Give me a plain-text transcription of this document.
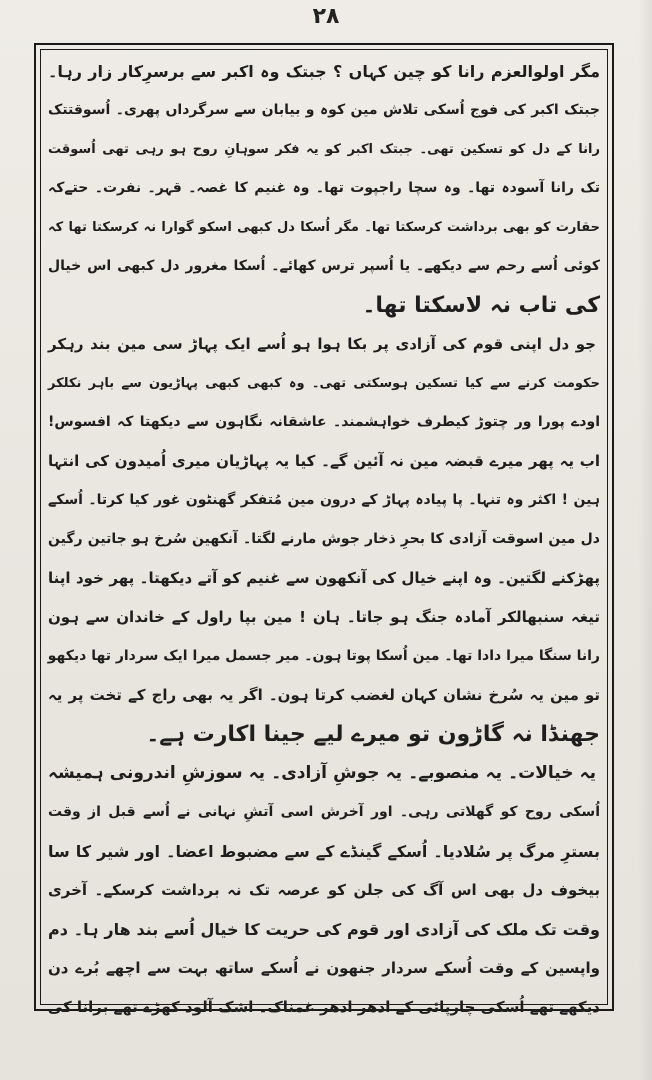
۲۸
مگر اولوالعزم رانا کو چین کہاں ؟ جبتک وہ اکبر سے برسرِکار زار رہا۔
جبتک اکبر کی فوج اُسکی تلاش مین کوہ و بیابان سے سرگرداں پھری۔ اُسوقتتک
رانا کے دل کو تسکین تھی۔ جبتک اکبر کو یہ فکر سوہانِ روح ہو رہی تھی اُسوقت
تک رانا آسودہ تھا۔ وہ سچا راجپوت تھا۔ وہ غنیم کا غصہ۔ قہر۔ نفرت۔ حتےکہ
حقارت کو بھی برداشت کرسکتا تھا۔ مگر اُسکا دل کبھی اسکو گوارا نہ کرسکتا تھا کہ
کوئی اُسے رحم سے دیکھے۔ یا اُسپر ترس کھائے۔ اُسکا مغرور دل کبھی اس خیال
کی تاب نہ لاسکتا تھا۔
جو دل اپنی قوم کی آزادی پر بکا ہوا ہو اُسے ایک پہاڑ سی مین بند رہکر
حکومت کرنے سے کیا تسکین ہوسکتی تھی۔ وہ کبھی کبھی پہاڑیون سے باہر نکلکر
اودے پورا ور چتوڑ کیطرف خواہشمند۔ عاشقانہ نگاہون سے دیکھتا کہ افسوس!
اب یہ پھر میرے قبضہ مین نہ آئین گے۔ کیا یہ پہاڑیان میری اُمیدون کی انتہا
ہین ! اکثر وہ تنہا۔ پا پیادہ پہاڑ کے درون مین مُتفکر گھنٹون غور کیا کرتا۔ اُسکے
دل مین اسوقت آزادی کا بحرِ ذخار جوش مارنے لگتا۔ آنکھین سُرخ ہو جاتین رگین
پھڑکنے لگتین۔ وہ اپنے خیال کی آنکھون سے غنیم کو آتے دیکھتا۔ پھر خود اپنا
تیغہ سنبھالکر آمادہ جنگ ہو جاتا۔ ہان ! مین بپا راول کے خاندان سے ہون
رانا سنگا میرا دادا تھا۔ مین اُسکا پوتا ہون۔ میر جسمل میرا ایک سردار تھا دیکھو
تو مین یہ سُرخ نشان کہان لغضب کرتا ہون۔ اگر یہ بھی راج کے تخت پر یہ
جھنڈا نہ گاڑون تو میرے لیے جینا اکارت ہے۔
یہ خیالات۔ یہ منصوبے۔ یہ جوشِ آزادی۔ یہ سوزشِ اندرونی ہمیشہ
اُسکی روح کو گھلاتی رہی۔ اور آخرش اسی آتشِ نہانی نے اُسے قبل از وقت
بسترِ مرگ پر سُلادیا۔ اُسکے گینڈے کے سے مضبوط اعضا۔ اور شیر کا سا
بیخوف دل بھی اس آگ کی جلن کو عرصہ تک نہ برداشت کرسکے۔ آخری
وقت تک ملک کی آزادی اور قوم کی حریت کا خیال اُسے بند ھار ہا۔ دم
واپسین کے وقت اُسکے سردار جنھون نے اُسکے ساتھ بہت سے اچھے بُرے دن
دیکھے تھے اُسکی چارپائی کے ادھر ادھر غمناک۔ اشک آلود کھڑے تھے برانا کی
